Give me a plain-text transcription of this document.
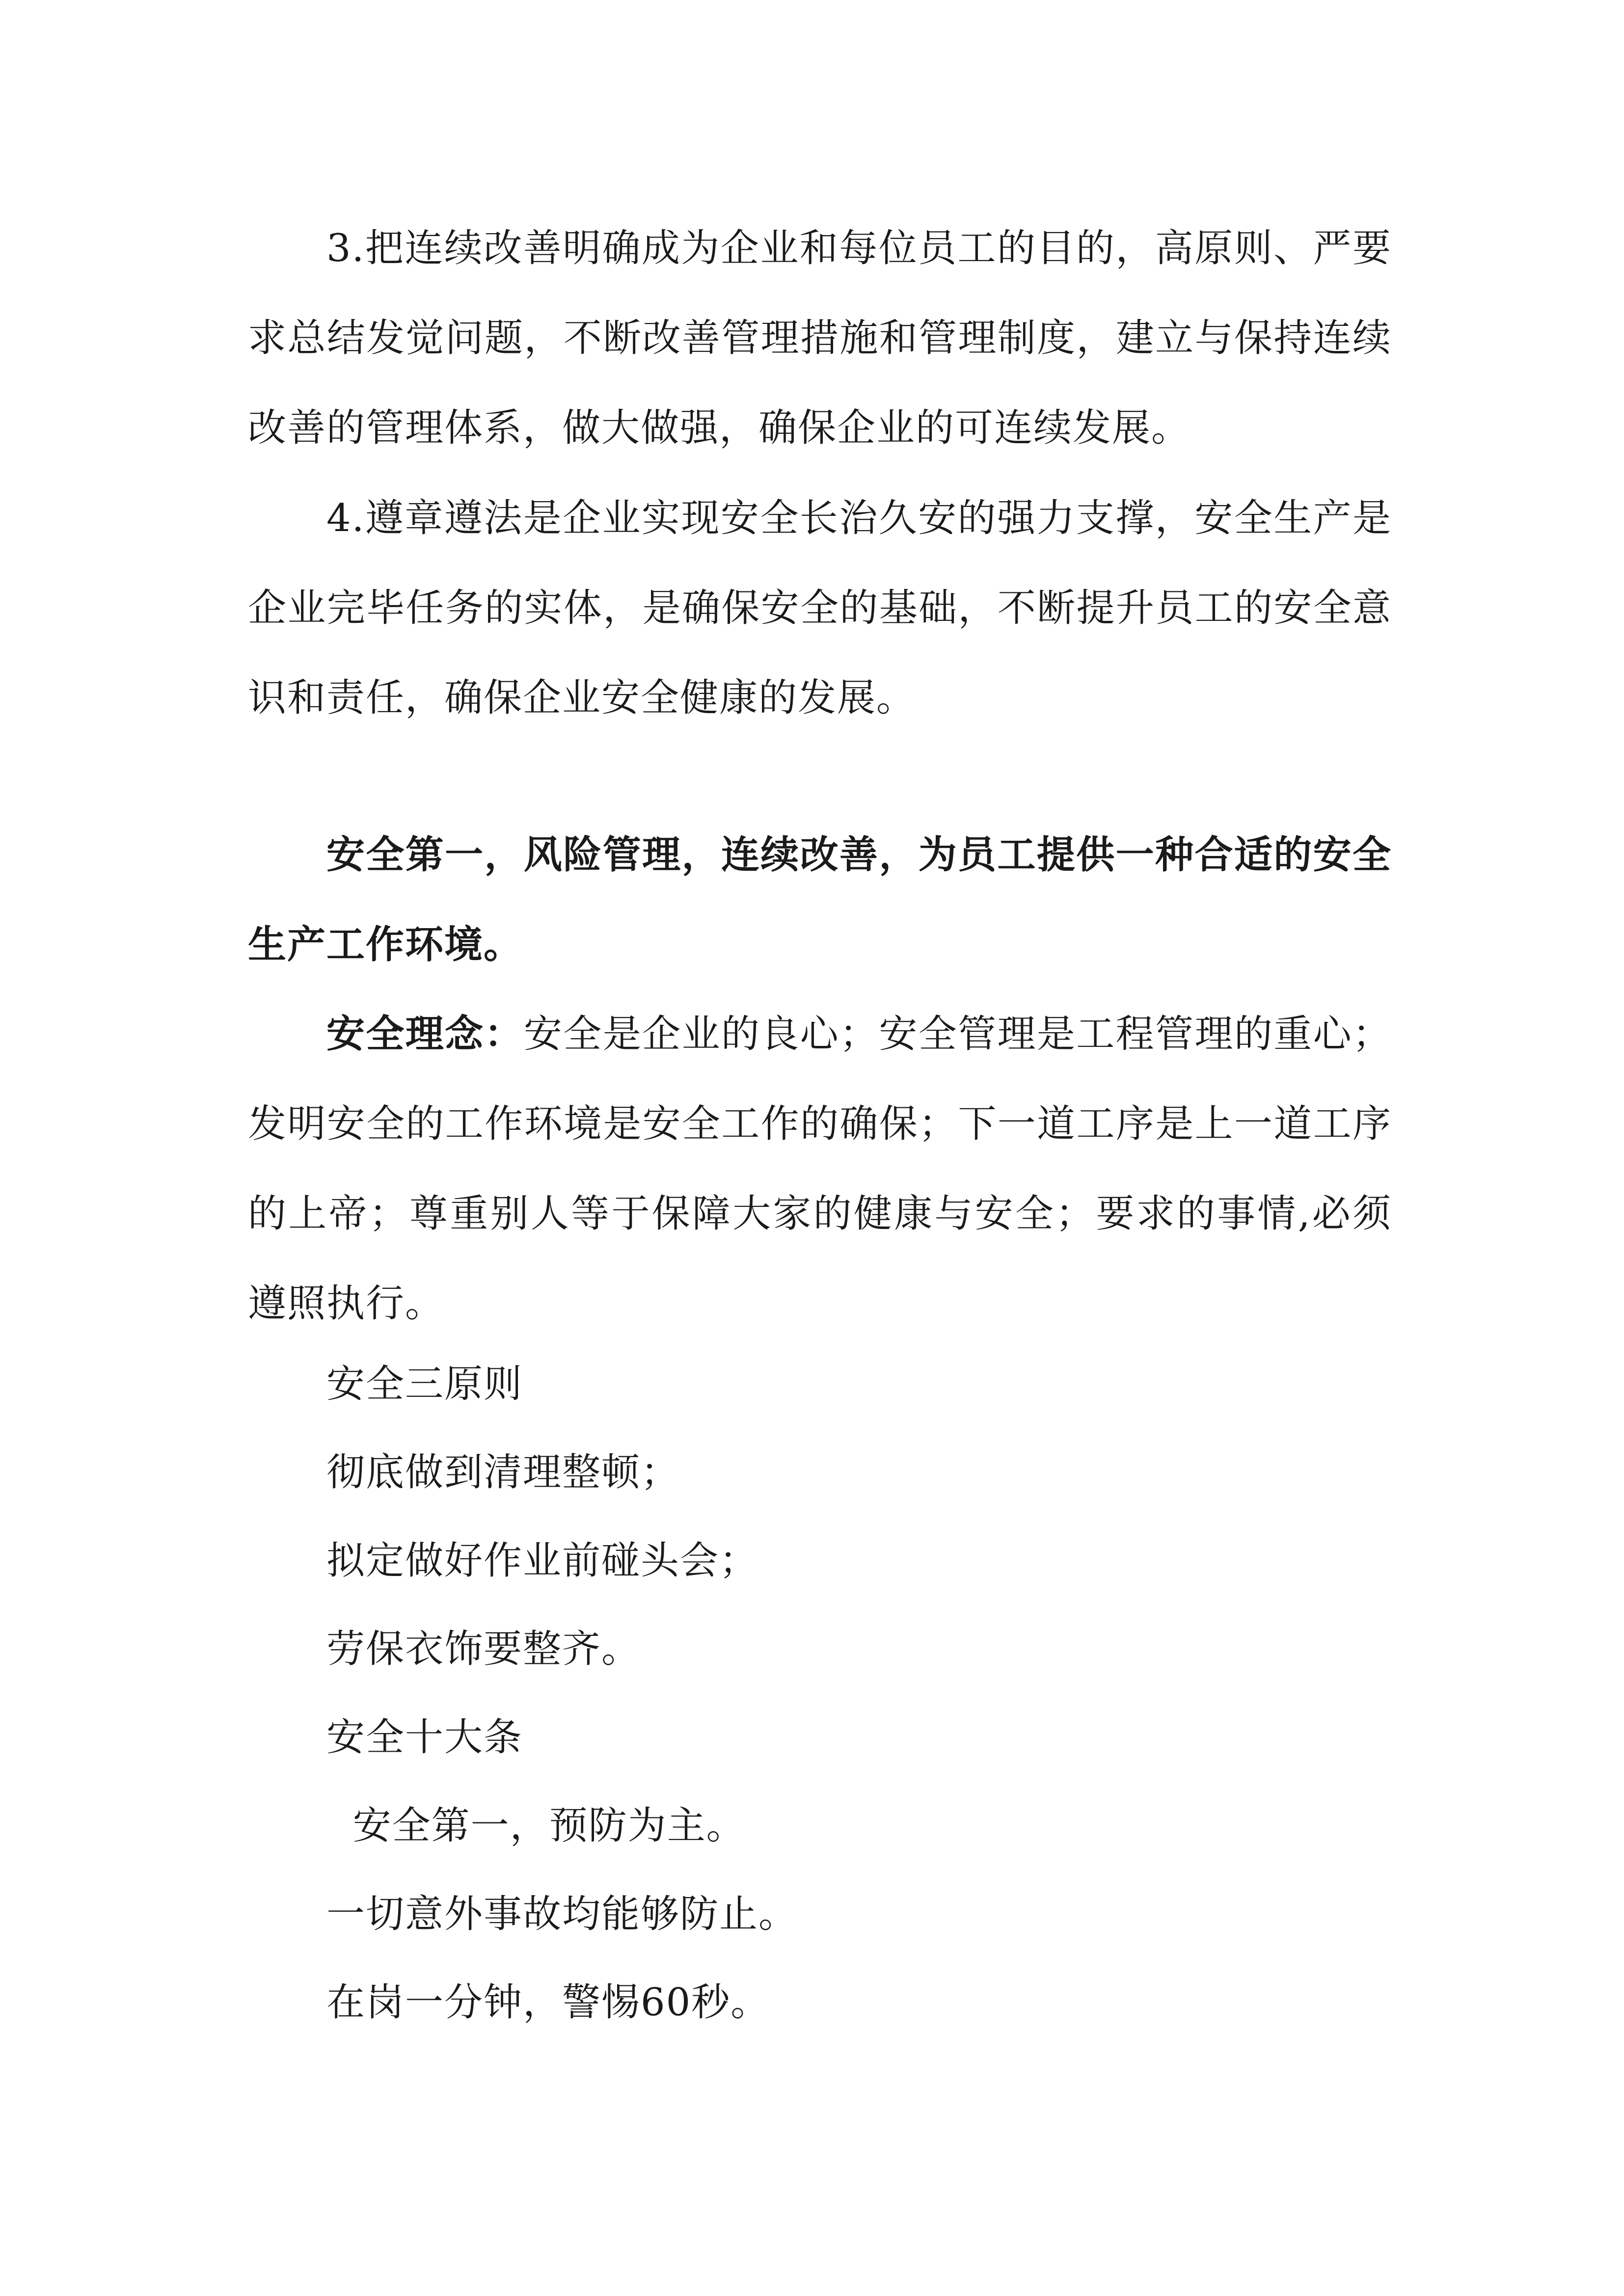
3.把连续改善明确成为企业和每位员工的目的，高原则、严要求总结发觉问题，不断改善管理措施和管理制度，建立与保持连续改善的管理体系，做大做强，确保企业的可连续发展。

4.遵章遵法是企业实现安全长治久安的强力支撑，安全生产是企业完毕任务的实体，是确保安全的基础，不断提升员工的安全意识和责任，确保企业安全健康的发展。

安全第一，风险管理，连续改善，为员工提供一种合适的安全生产工作环境。

安全理念：安全是企业的良心；安全管理是工程管理的重心；发明安全的工作环境是安全工作的确保；下一道工序是上一道工序的上帝；尊重别人等于保障大家的健康与安全；要求的事情,必须遵照执行。

安全三原则

彻底做到清理整顿；

拟定做好作业前碰头会；

劳保衣饰要整齐。

安全十大条

安全第一，预防为主。

一切意外事故均能够防止。

在岗一分钟，警惕60秒。
